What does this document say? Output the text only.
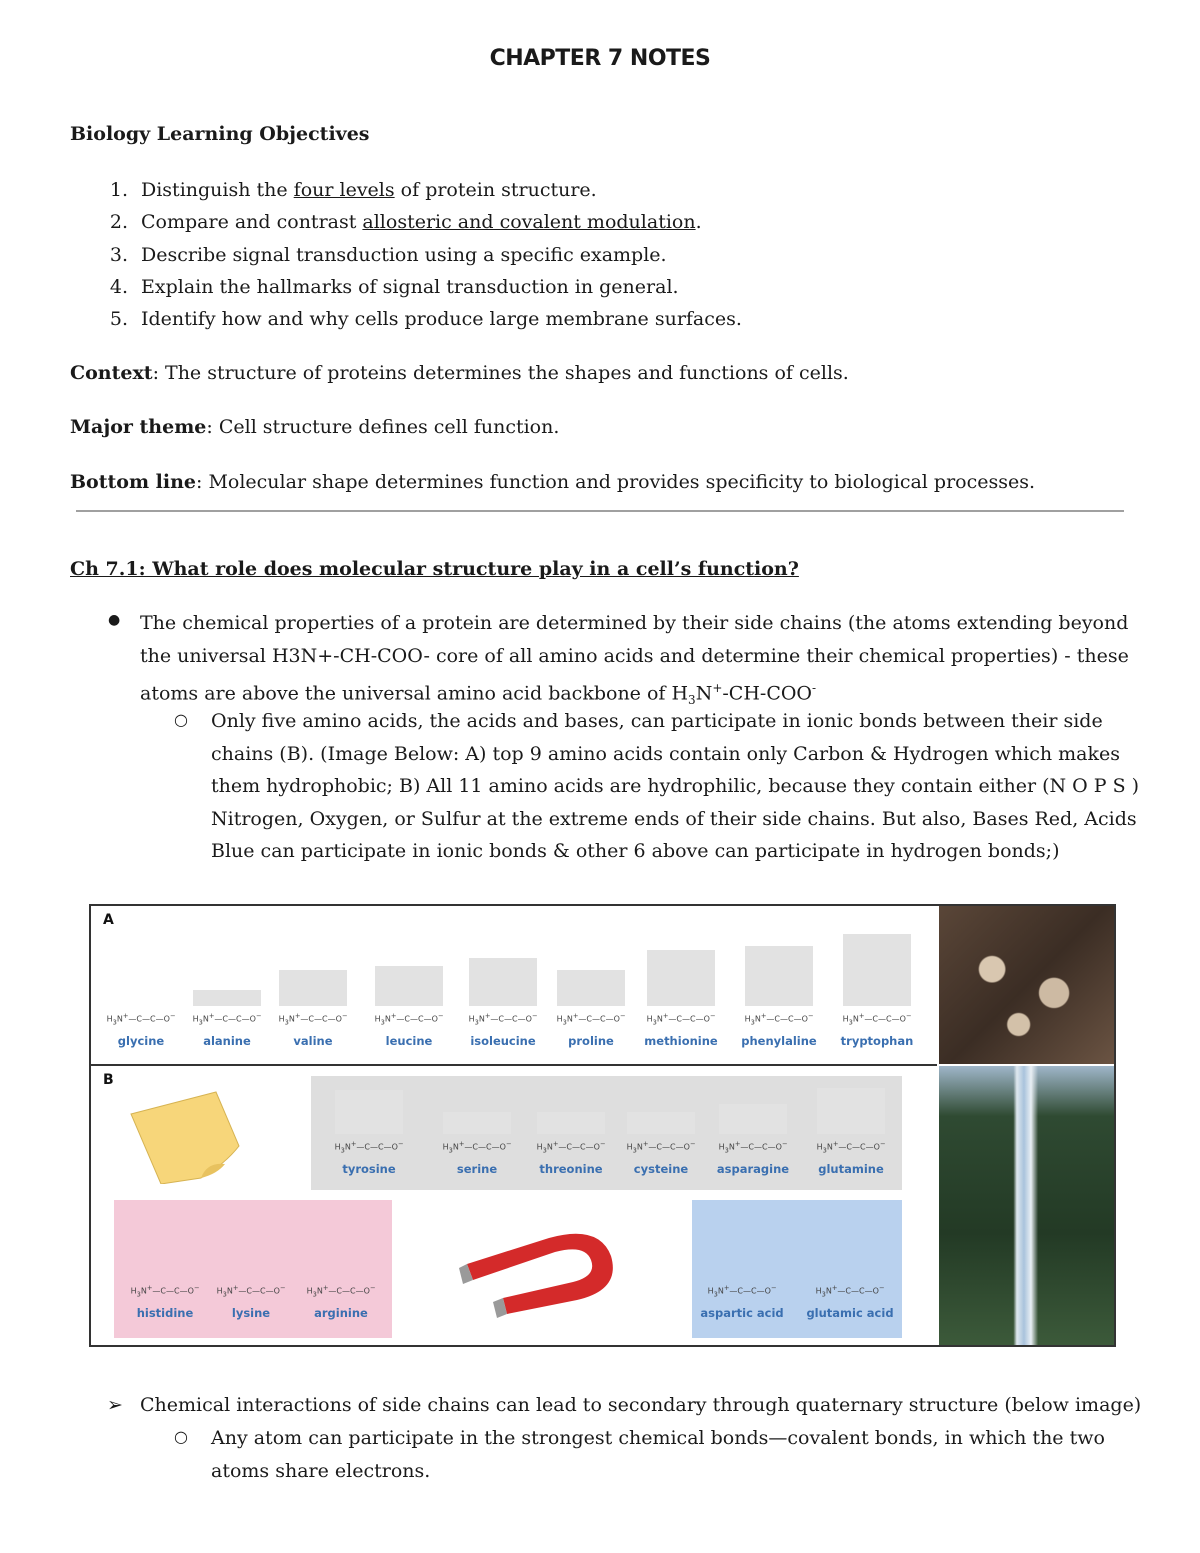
CHAPTER 7 NOTES
Biology Learning Objectives
1. Distinguish the four levels of protein structure.
2. Compare and contrast allosteric and covalent modulation.
3. Describe signal transduction using a specific example.
4. Explain the hallmarks of signal transduction in general.
5. Identify how and why cells produce large membrane surfaces.
Context: The structure of proteins determines the shapes and functions of cells.
Major theme: Cell structure defines cell function.
Bottom line: Molecular shape determines function and provides specificity to biological processes.
Ch 7.1: What role does molecular structure play in a cell’s function?
● The chemical properties of a protein are determined by their side chains (the atoms extending beyond
the universal H3N+-CH-COO- core of all amino acids and determine their chemical properties) - these
atoms are above the universal amino acid backbone of $H_3N^+-CH-COO^-$
○ Only five amino acids, the acids and bases, can participate in ionic bonds between their side
chains (B). (Image Below: A) top 9 amino acids contain only Carbon & Hydrogen which makes
them hydrophobic; B) All 11 amino acids are hydrophilic, because they contain either (N O P S )
Nitrogen, Oxygen, or Sulfur at the extreme ends of their side chains. But also, Bases Red, Acids
Blue can participate in ionic bonds & other 6 above can participate in hydrogen bonds;)
A
$H_3N^+—C—C—O^-$
glycine
$H_3N^+—C—C—O^-$
alanine
$H_3N^+—C—C—O^-$
valine
$H_3N^+—C—C—O^-$
leucine
$H_3N^+—C—C—O^-$
isoleucine
$H_3N^+—C—C—O^-$
proline
$H_3N^+—C—C—O^-$
methionine
$H_3N^+—C—C—O^-$
phenylaline
$H_3N^+—C—C—O^-$
tryptophan
B
$H_3N^+—C—C—O^-$
tyrosine
$H_3N^+—C—C—O^-$
serine
$H_3N^+—C—C—O^-$
threonine
$H_3N^+—C—C—O^-$
cysteine
$H_3N^+—C—C—O^-$
asparagine
$H_3N^+—C—C—O^-$
glutamine
$H_3N^+—C—C—O^-$
histidine
$H_3N^+—C—C—O^-$
lysine
$H_3N^+—C—C—O^-$
arginine
$H_3N^+—C—C—O^-$
aspartic acid
$H_3N^+—C—C—O^-$
glutamic acid
➢ Chemical interactions of side chains can lead to secondary through quaternary structure (below image)
○ Any atom can participate in the strongest chemical bonds—covalent bonds, in which the two
atoms share electrons.
